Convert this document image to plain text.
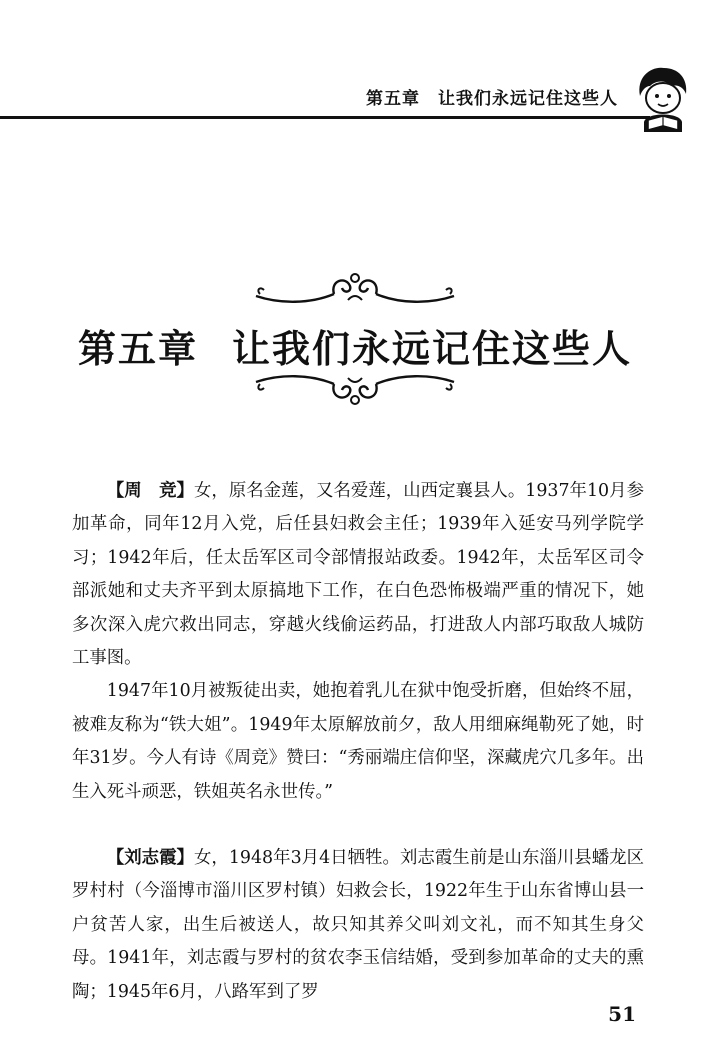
第五章　让我们永远记住这些人
第五章 让我们永远记住这些人

【周　竞】女，原名金莲，又名爱莲，山西定襄县人。1937年10月参加革命，同年12月入党，后任县妇救会主任；1939年入延安马列学院学习；1942年后，任太岳军区司令部情报站政委。1942年，太岳军区司令部派她和丈夫齐平到太原搞地下工作，在白色恐怖极端严重的情况下，她多次深入虎穴救出同志，穿越火线偷运药品，打进敌人内部巧取敌人城防工事图。

1947年10月被叛徒出卖，她抱着乳儿在狱中饱受折磨，但始终不屈，被难友称为“铁大姐”。1949年太原解放前夕，敌人用细麻绳勒死了她，时年31岁。今人有诗《周竞》赞曰：“秀丽端庄信仰坚，深藏虎穴几多年。出生入死斗顽恶，铁姐英名永世传。”

【刘志霞】女，1948年3月4日牺牲。刘志霞生前是山东淄川县蟠龙区罗村村（今淄博市淄川区罗村镇）妇救会长，1922年生于山东省博山县一户贫苦人家，出生后被送人，故只知其养父叫刘文礼，而不知其生身父母。1941年，刘志霞与罗村的贫农李玉信结婚，受到参加革命的丈夫的熏陶；1945年6月，八路军到了罗

51
